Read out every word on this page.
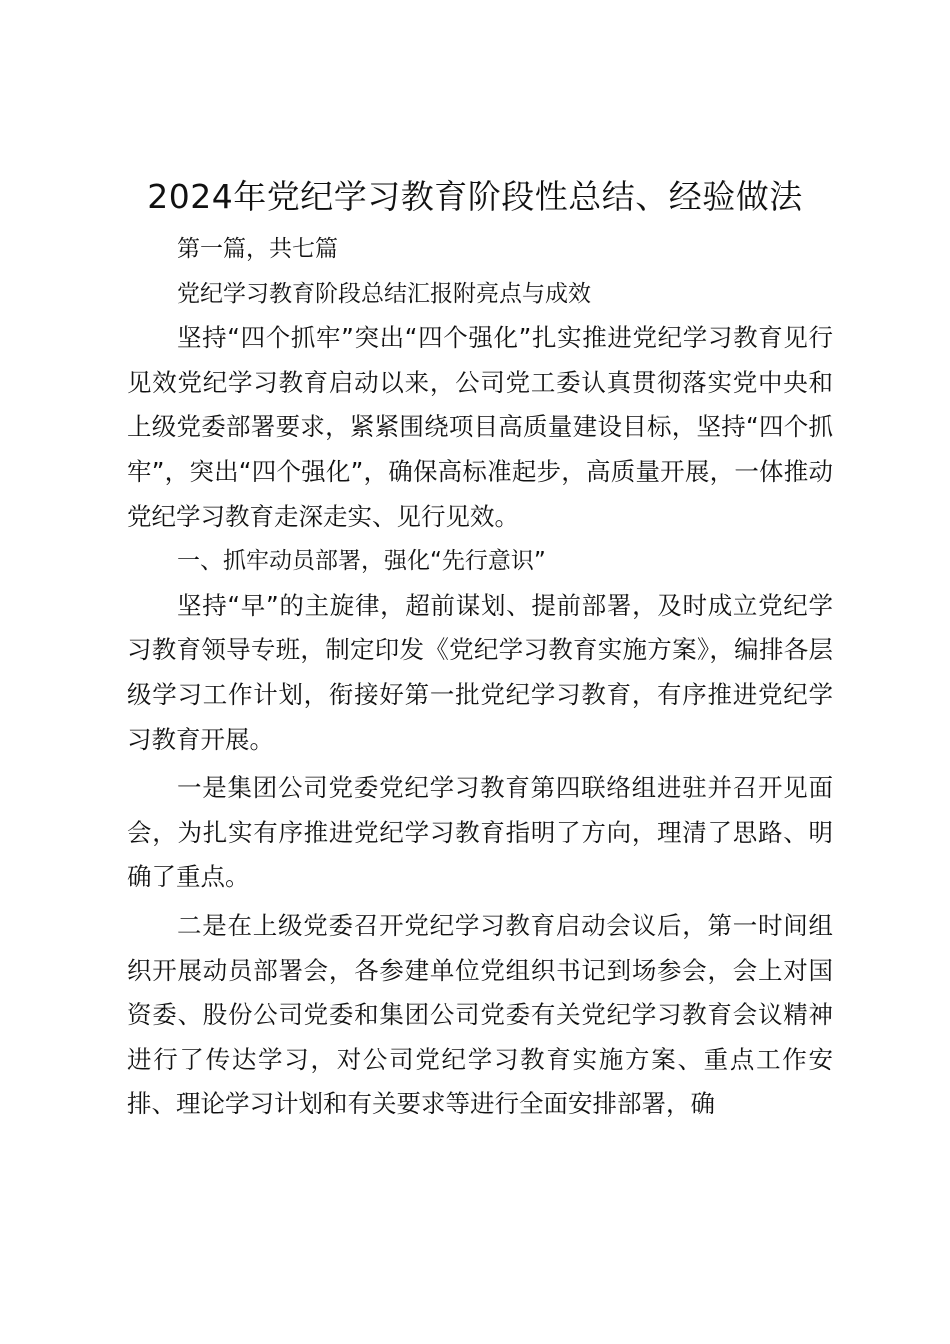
2024年党纪学习教育阶段性总结、经验做法

第一篇，共七篇

党纪学习教育阶段总结汇报附亮点与成效

坚持“四个抓牢”突出“四个强化”扎实推进党纪学习教育见行见效党纪学习教育启动以来，公司党工委认真贯彻落实党中央和上级党委部署要求，紧紧围绕项目高质量建设目标，坚持“四个抓牢”，突出“四个强化”，确保高标准起步，高质量开展，一体推动党纪学习教育走深走实、见行见效。

一、抓牢动员部署，强化“先行意识”

坚持“早”的主旋律，超前谋划、提前部署，及时成立党纪学习教育领导专班，制定印发《党纪学习教育实施方案》，编排各层级学习工作计划，衔接好第一批党纪学习教育，有序推进党纪学习教育开展。

一是集团公司党委党纪学习教育第四联络组进驻并召开见面会，为扎实有序推进党纪学习教育指明了方向，理清了思路、明确了重点。

二是在上级党委召开党纪学习教育启动会议后，第一时间组织开展动员部署会，各参建单位党组织书记到场参会，会上对国资委、股份公司党委和集团公司党委有关党纪学习教育会议精神进行了传达学习，对公司党纪学习教育实施方案、重点工作安排、理论学习计划和有关要求等进行全面安排部署，确
